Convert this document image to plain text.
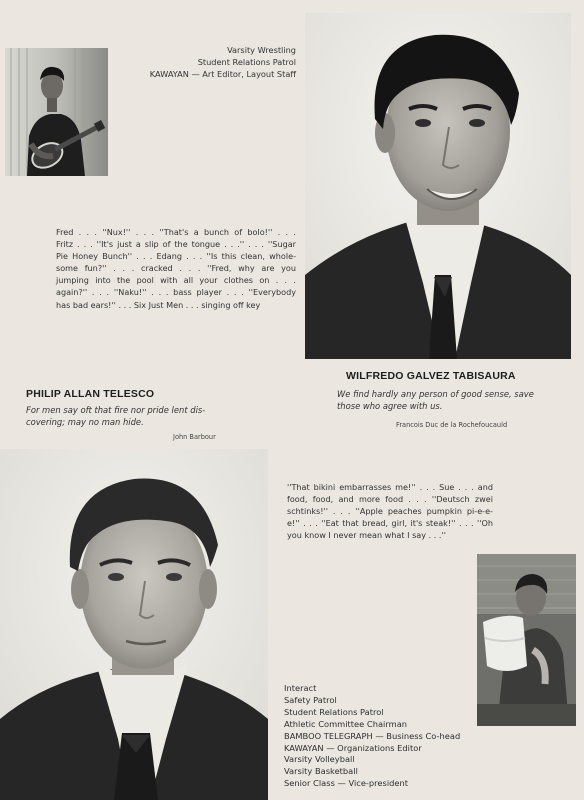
Varsity Wrestling
Student Relations Patrol
KAWAYAN — Art Editor, Layout Staff
Fred . . . ''Nux!'' . . . ''That's a bunch of bolo!'' . . .
Fritz . . . ''It's just a slip of the tongue . . .'' . . . ''Sugar
Pie Honey Bunch'' . . . Edang . . . ''Is this clean, whole-
some fun?'' . . . cracked . . . ''Fred, why are you
jumping into the pool with all your clothes on . . .
again?'' . . . ''Naku!'' . . . bass player . . . ''Everybody
has bad ears!'' . . . Six Just Men . . . singing off key
WILFREDO GALVEZ TABISAURA
We find hardly any person of good sense, save
those who agree with us.
Francois Duc de la Rochefoucauld
PHILIP ALLAN TELESCO
For men say oft that fire nor pride lent dis-
covering; may no man hide.
John Barbour
''That bikini embarrasses me!'' . . . Sue . . . and
food, food, and more food . . . ''Deutsch zwei
schtinks!'' . . . ''Apple peaches pumpkin pi-e-e-
e!'' . . . ''Eat that bread, girl, it's steak!'' . . . ''Oh
you know I never mean what I say . . .''
Interact
Safety Patrol
Student Relations Patrol
Athletic Committee Chairman
BAMBOO TELEGRAPH — Business Co-head
KAWAYAN — Organizations Editor
Varsity Volleyball
Varsity Basketball
Senior Class — Vice-president
